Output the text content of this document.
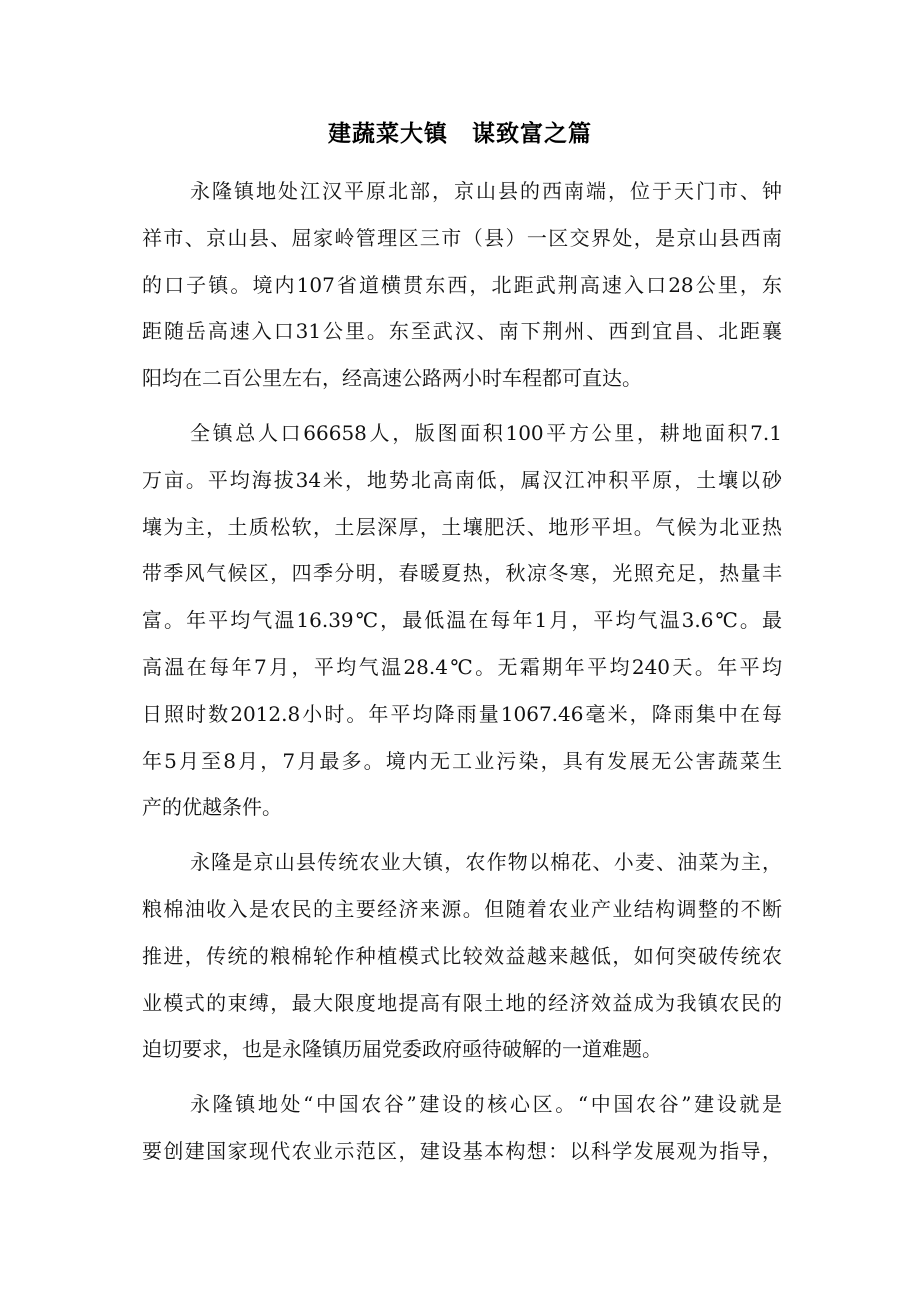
建蔬菜大镇　谋致富之篇
永隆镇地处江汉平原北部，京山县的西南端，位于天门市、钟
祥市、京山县、屈家岭管理区三市（县）一区交界处，是京山县西南
的口子镇。境内107省道横贯东西，北距武荆高速入口28公里，东
距随岳高速入口31公里。东至武汉、南下荆州、西到宜昌、北距襄
阳均在二百公里左右，经高速公路两小时车程都可直达。
全镇总人口66658人，版图面积100平方公里，耕地面积7.1
万亩。平均海拔34米，地势北高南低，属汉江冲积平原，土壤以砂
壤为主，土质松软，土层深厚，土壤肥沃、地形平坦。气候为北亚热
带季风气候区，四季分明，春暖夏热，秋凉冬寒，光照充足，热量丰
富。年平均气温16.39℃，最低温在每年1月，平均气温3.6℃。最
高温在每年7月，平均气温28.4℃。无霜期年平均240天。年平均
日照时数2012.8小时。年平均降雨量1067.46毫米，降雨集中在每
年5月至8月，7月最多。境内无工业污染，具有发展无公害蔬菜生
产的优越条件。
永隆是京山县传统农业大镇，农作物以棉花、小麦、油菜为主，
粮棉油收入是农民的主要经济来源。但随着农业产业结构调整的不断
推进，传统的粮棉轮作种植模式比较效益越来越低，如何突破传统农
业模式的束缚，最大限度地提高有限土地的经济效益成为我镇农民的
迫切要求，也是永隆镇历届党委政府亟待破解的一道难题。
永隆镇地处“中国农谷”建设的核心区。“中国农谷”建设就是
要创建国家现代农业示范区，建设基本构想：以科学发展观为指导，
